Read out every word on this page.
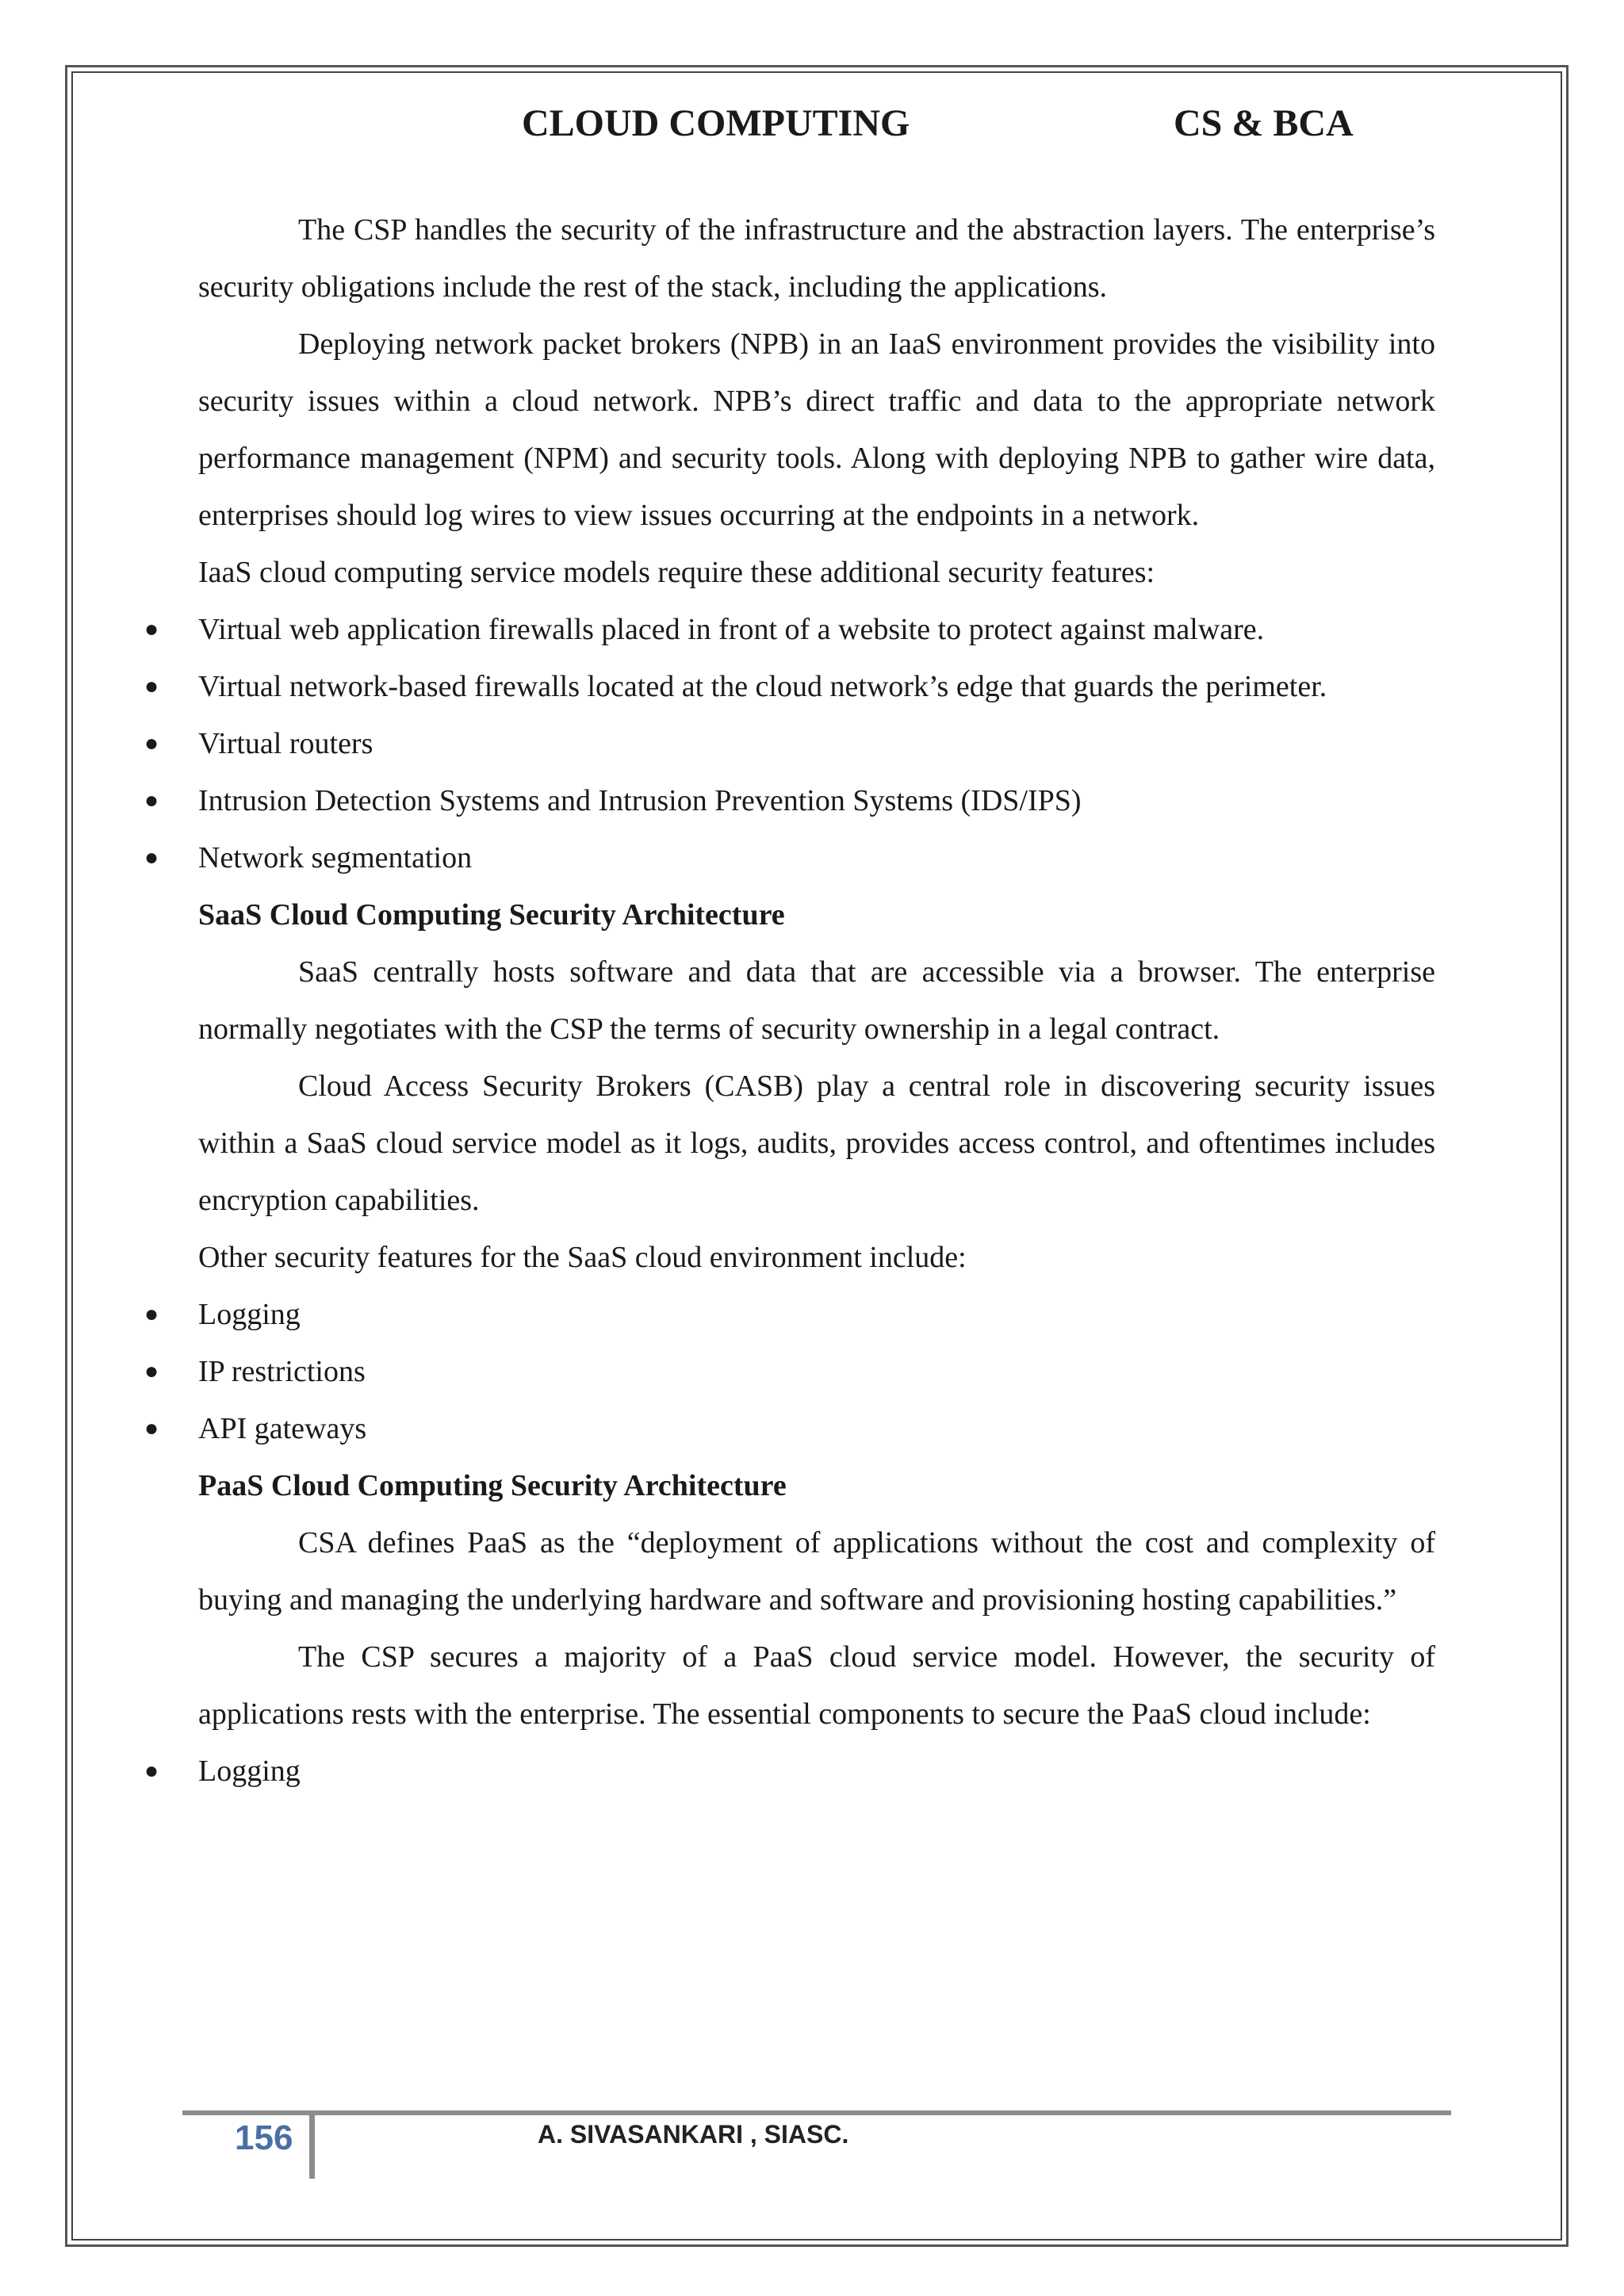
CLOUD COMPUTING	CS & BCA

The CSP handles the security of the infrastructure and the abstraction layers. The enterprise’s security obligations include the rest of the stack, including the applications.

Deploying network packet brokers (NPB) in an IaaS environment provides the visibility into security issues within a cloud network. NPB’s direct traffic and data to the appropriate network performance management (NPM) and security tools. Along with deploying NPB to gather wire data, enterprises should log wires to view issues occurring at the endpoints in a network.

IaaS cloud computing service models require these additional security features:

● Virtual web application firewalls placed in front of a website to protect against malware.
● Virtual network-based firewalls located at the cloud network’s edge that guards the perimeter.
● Virtual routers
● Intrusion Detection Systems and Intrusion Prevention Systems (IDS/IPS)
● Network segmentation
SaaS Cloud Computing Security Architecture

SaaS centrally hosts software and data that are accessible via a browser. The enterprise normally negotiates with the CSP the terms of security ownership in a legal contract.

Cloud Access Security Brokers (CASB) play a central role in discovering security issues within a SaaS cloud service model as it logs, audits, provides access control, and oftentimes includes encryption capabilities.

Other security features for the SaaS cloud environment include:

● Logging
● IP restrictions
● API gateways
PaaS Cloud Computing Security Architecture

CSA defines PaaS as the “deployment of applications without the cost and complexity of buying and managing the underlying hardware and software and provisioning hosting capabilities.”

The CSP secures a majority of a PaaS cloud service model. However, the security of applications rests with the enterprise. The essential components to secure the PaaS cloud include:

● Logging
156	A. SIVASANKARI , SIASC.
